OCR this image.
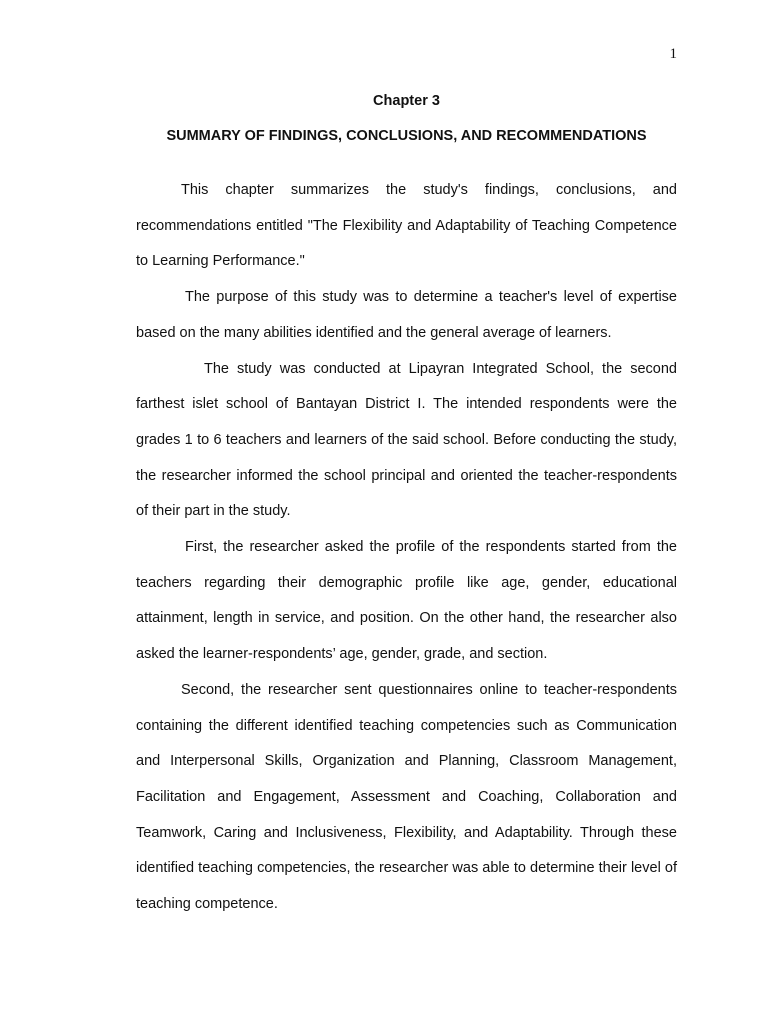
1
Chapter 3
SUMMARY OF FINDINGS, CONCLUSIONS, AND RECOMMENDATIONS

This chapter summarizes the study's findings, conclusions, and recommendations entitled "The Flexibility and Adaptability of Teaching Competence to Learning Performance."

The purpose of this study was to determine a teacher's level of expertise based on the many abilities identified and the general average of learners.

The study was conducted at Lipayran Integrated School, the second farthest islet school of Bantayan District I. The intended respondents were the grades 1 to 6 teachers and learners of the said school. Before conducting the study, the researcher informed the school principal and oriented the teacher-respondents of their part in the study.

First, the researcher asked the profile of the respondents started from the teachers regarding their demographic profile like age, gender, educational attainment, length in service, and position. On the other hand, the researcher also asked the learner-respondents’ age, gender, grade, and section.

Second, the researcher sent questionnaires online to teacher-respondents containing the different identified teaching competencies such as Communication and Interpersonal Skills, Organization and Planning, Classroom Management, Facilitation and Engagement, Assessment and Coaching, Collaboration and Teamwork, Caring and Inclusiveness, Flexibility, and Adaptability. Through these identified teaching competencies, the researcher was able to determine their level of teaching competence.
